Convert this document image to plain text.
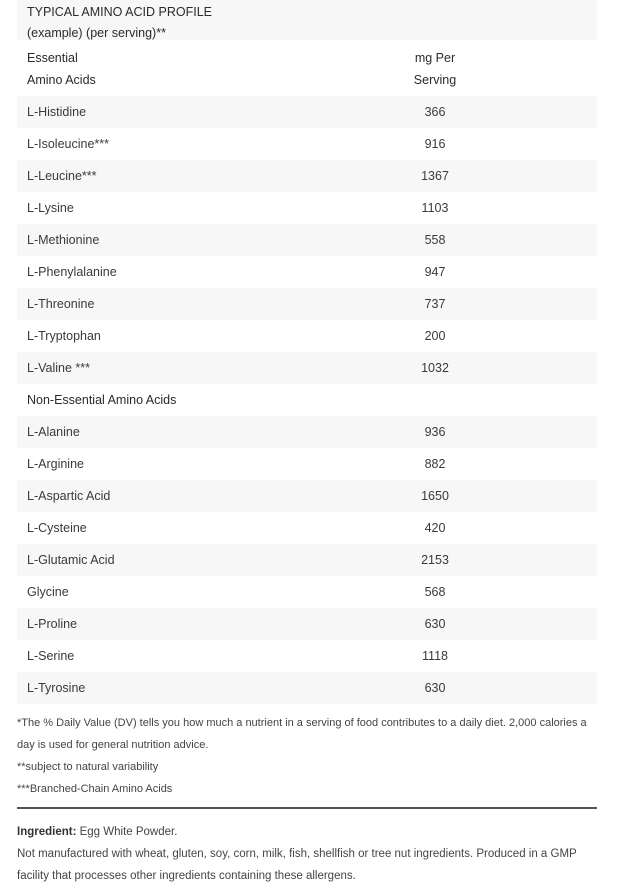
TYPICAL AMINO ACID PROFILE
(example) (per serving)**
Essential
Amino Acids
mg Per
Serving
L-Histidine	366
L-Isoleucine***	916
L-Leucine***	1367
L-Lysine	1103
L-Methionine	558
L-Phenylalanine	947
L-Threonine	737
L-Tryptophan	200
L-Valine ***	1032
Non-Essential Amino Acids
L-Alanine	936
L-Arginine	882
L-Aspartic Acid	1650
L-Cysteine	420
L-Glutamic Acid	2153
Glycine	568
L-Proline	630
L-Serine	1118
L-Tyrosine	630
*The % Daily Value (DV) tells you how much a nutrient in a serving of food contributes to a daily diet. 2,000 calories a day is used for general nutrition advice.
**subject to natural variability
***Branched-Chain Amino Acids
Ingredient: Egg White Powder.
Not manufactured with wheat, gluten, soy, corn, milk, fish, shellfish or tree nut ingredients. Produced in a GMP facility that processes other ingredients containing these allergens.
